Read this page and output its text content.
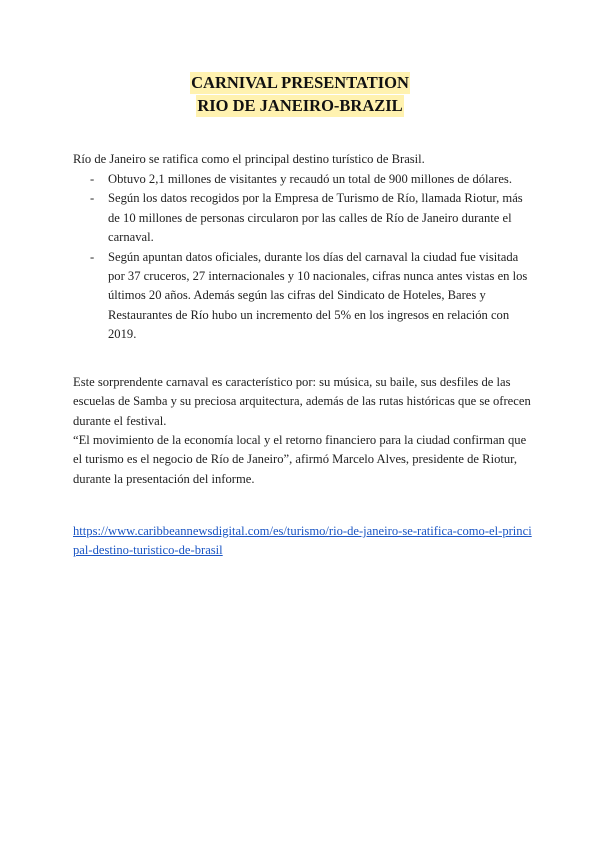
CARNIVAL PRESENTATION
RIO DE JANEIRO-BRAZIL
Río de Janeiro se ratifica como el principal destino turístico de Brasil.
- Obtuvo 2,1 millones de visitantes y recaudó un total de 900 millones de dólares.
- Según los datos recogidos por la Empresa de Turismo de Río, llamada Riotur, más de 10 millones de personas circularon por las calles de Río de Janeiro durante el carnaval.
- Según apuntan datos oficiales, durante los días del carnaval la ciudad fue visitada por 37 cruceros, 27 internacionales y 10 nacionales, cifras nunca antes vistas en los últimos 20 años. Además según las cifras del Sindicato de Hoteles, Bares y Restaurantes de Río hubo un incremento del 5% en los ingresos en relación con 2019.
Este sorprendente carnaval es característico por: su música, su baile, sus desfiles de las escuelas de Samba y su preciosa arquitectura, además de las rutas históricas que se ofrecen durante el festival.
“El movimiento de la economía local y el retorno financiero para la ciudad confirman que el turismo es el negocio de Río de Janeiro”, afirmó Marcelo Alves, presidente de Riotur, durante la presentación del informe.
https://www.caribbeannewsdigital.com/es/turismo/rio-de-janeiro-se-ratifica-como-el-principal-destino-turistico-de-brasil
